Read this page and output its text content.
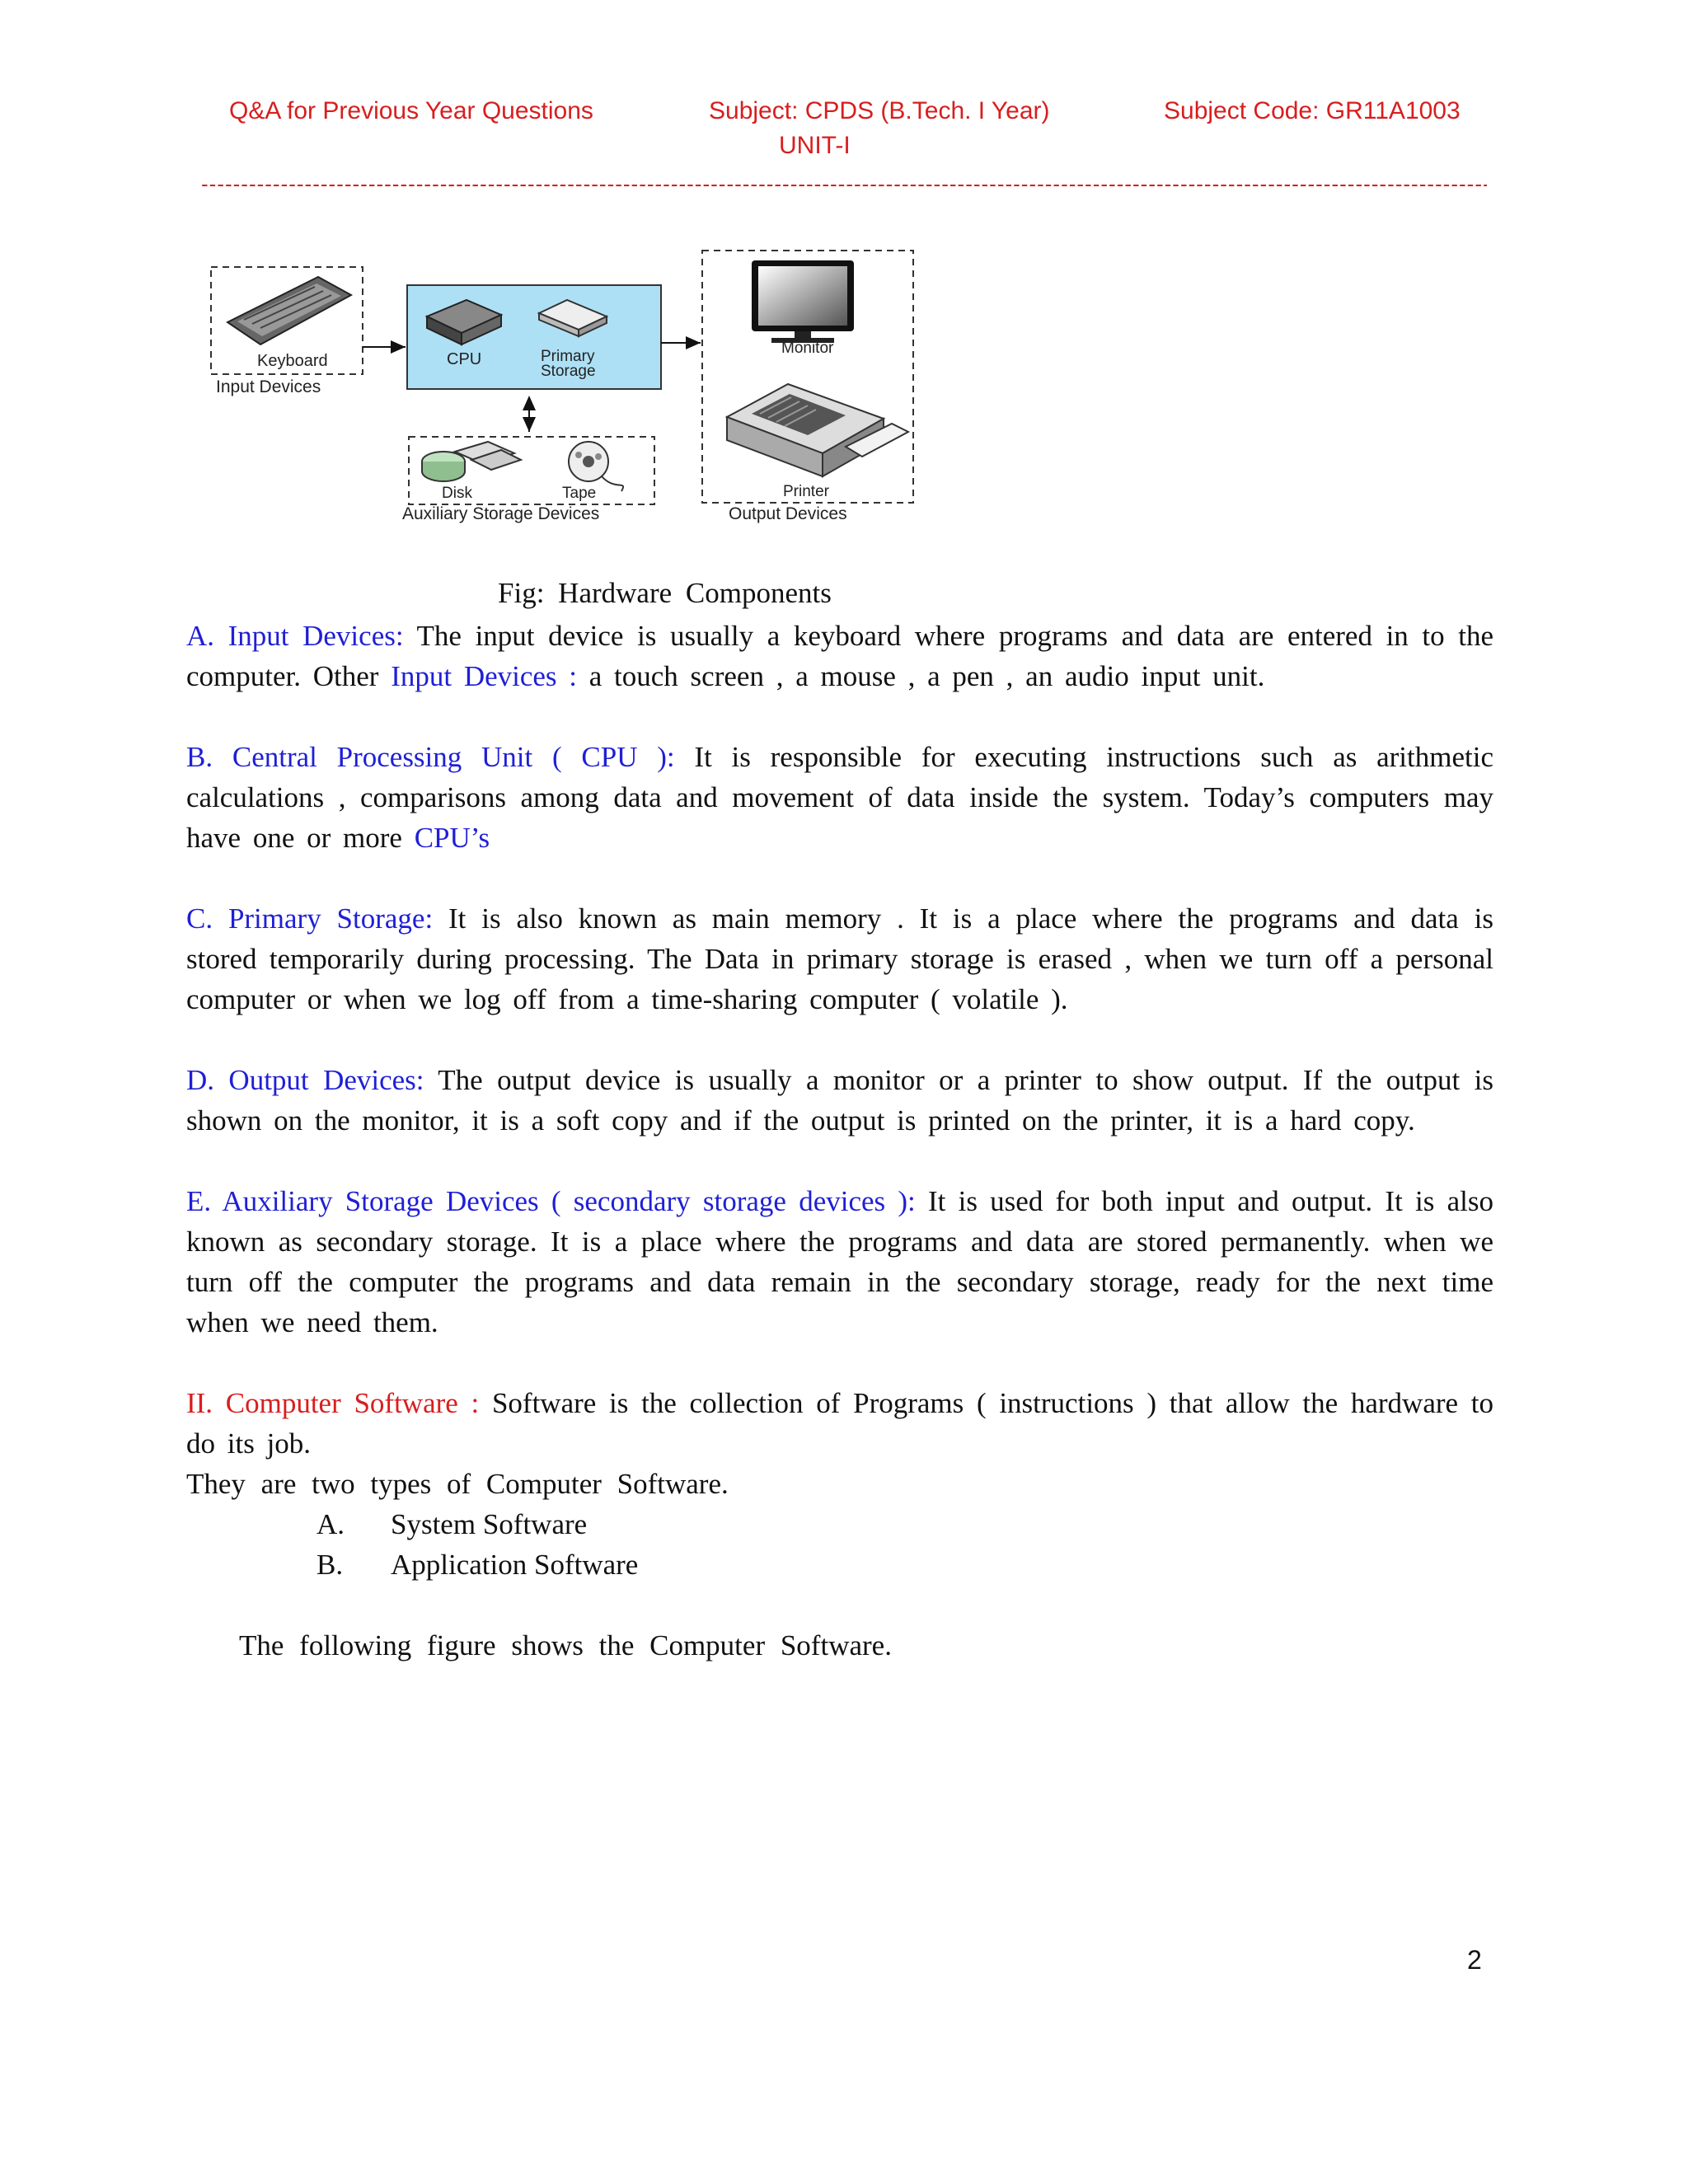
Q&A for Previous Year Questions	Subject: CPDS (B.Tech. I Year)	Subject Code: GR11A1003
UNIT-I
-----
Keyboard
Input Devices
CPU	Primary
Storage
Monitor
Printer
Output Devices
Disk	Tape
Auxiliary Storage Devices
Fig: Hardware Components

A. Input Devices: The input device is usually a keyboard where programs and data are entered in to the computer. Other Input Devices : a touch screen , a mouse , a pen , an audio input unit.

B. Central Processing Unit ( CPU ): It is responsible for executing instructions such as arithmetic calculations , comparisons among data and movement of data inside the system. Today’s computers may have one or more CPU’s

C. Primary Storage: It is also known as main memory . It is a place where the programs and data is stored temporarily during processing. The Data in primary storage is erased , when we turn off a personal computer or when we log off from a time-sharing computer ( volatile ).

D. Output Devices: The output device is usually a monitor or a printer to show output. If the output is shown on the monitor, it is a soft copy and if the output is printed on the printer, it is a hard copy.

E. Auxiliary Storage Devices ( secondary storage devices ): It is used for both input and output. It is also known as secondary storage. It is a place where the programs and data are stored permanently. when we turn off the computer the programs and data remain in the secondary storage, ready for the next time when we need them.

II. Computer Software : Software is the collection of Programs ( instructions ) that allow the hardware to do its job.

They are two types of Computer Software.

A. System Software

B. Application Software

The following figure shows the Computer Software.

2
